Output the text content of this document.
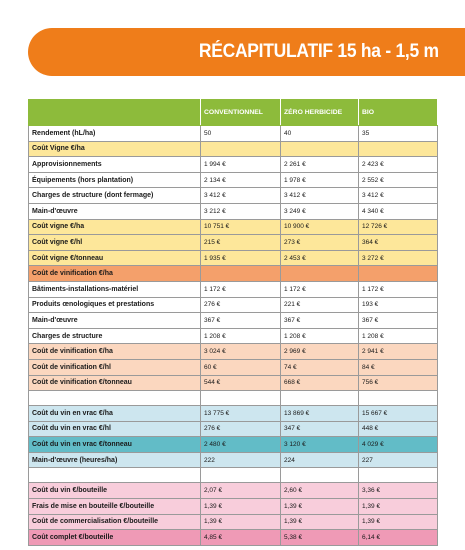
RÉCAPITULATIF 15 ha - 1,5 m
	CONVENTIONNEL	ZÉRO HERBICIDE	BIO
Rendement (hL/ha)	50	40	35
Coût Vigne €/ha			
Approvisionnements	1 994 €	2 261 €	2 423 €
Équipements (hors plantation)	2 134 €	1 978 €	2 552 €
Charges de structure (dont fermage)	3 412 €	3 412 €	3 412 €
Main-d'œuvre	3 212 €	3 249 €	4 340 €
Coût vigne €/ha	10 751 €	10 900 €	12 726 €
Coût vigne €/hl	215 €	273 €	364 €
Coût vigne €/tonneau	1 935 €	2 453 €	3 272 €
Coût de vinification €/ha			
Bâtiments-installations-matériel	1 172 €	1 172 €	1 172 €
Produits œnologiques et prestations	276 €	221 €	193 €
Main-d'œuvre	367 €	367 €	367 €
Charges de structure	1 208 €	1 208 €	1 208 €
Coût de vinification €/ha	3 024 €	2 969 €	2 941 €
Coût de vinification €/hl	60 €	74 €	84 €
Coût de vinification €/tonneau	544 €	668 €	756 €

Coût du vin en vrac €/ha	13 775 €	13 869 €	15 667 €
Coût du vin en vrac €/hl	276 €	347 €	448 €
Coût du vin en vrac €/tonneau	2 480 €	3 120 €	4 029 €
Main-d'œuvre (heures/ha)	222	224	227

Coût du vin €/bouteille	2,07 €	2,60 €	3,36 €
Frais de mise en bouteille €/bouteille	1,39 €	1,39 €	1,39 €
Coût de commercialisation €/bouteille	1,39 €	1,39 €	1,39 €
Coût complet €/bouteille	4,85 €	5,38 €	6,14 €
